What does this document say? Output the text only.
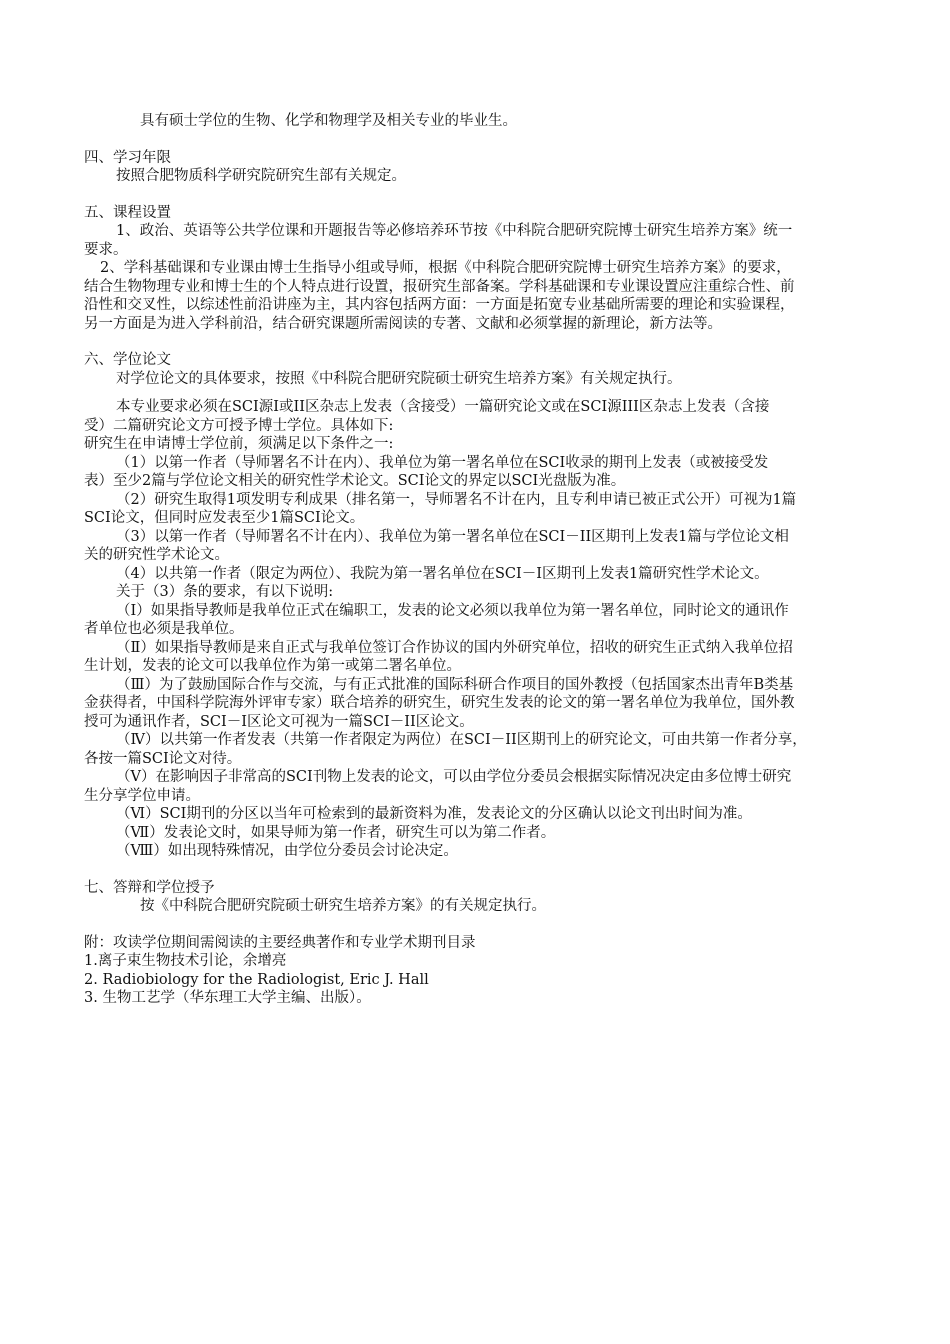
具有硕士学位的生物、化学和物理学及相关专业的毕业生。
四、学习年限
按照合肥物质科学研究院研究生部有关规定。
五、课程设置
1、政治、英语等公共学位课和开题报告等必修培养环节按《中科院合肥研究院博士研究生培养方案》统一
要求。
2、学科基础课和专业课由博士生指导小组或导师，根据《中科院合肥研究院博士研究生培养方案》的要求，
结合生物物理专业和博士生的个人特点进行设置，报研究生部备案。学科基础课和专业课设置应注重综合性、前
沿性和交叉性，以综述性前沿讲座为主，其内容包括两方面：一方面是拓宽专业基础所需要的理论和实验课程，
另一方面是为进入学科前沿，结合研究课题所需阅读的专著、文献和必须掌握的新理论，新方法等。
六、学位论文
对学位论文的具体要求，按照《中科院合肥研究院硕士研究生培养方案》有关规定执行。
本专业要求必须在SCI源I或II区杂志上发表（含接受）一篇研究论文或在SCI源III区杂志上发表（含接
受）二篇研究论文方可授予博士学位。具体如下:
研究生在申请博士学位前，须满足以下条件之一:
（1）以第一作者（导师署名不计在内）、我单位为第一署名单位在SCI收录的期刊上发表（或被接受发
表）至少2篇与学位论文相关的研究性学术论文。SCI论文的界定以SCI光盘版为准。
（2）研究生取得1项发明专利成果（排名第一，导师署名不计在内，且专利申请已被正式公开）可视为1篇
SCI论文，但同时应发表至少1篇SCI论文。
（3）以第一作者（导师署名不计在内）、我单位为第一署名单位在SCI－II区期刊上发表1篇与学位论文相
关的研究性学术论文。
（4）以共第一作者（限定为两位）、我院为第一署名单位在SCI－I区期刊上发表1篇研究性学术论文。
关于（3）条的要求，有以下说明:
（Ⅰ）如果指导教师是我单位正式在编职工，发表的论文必须以我单位为第一署名单位，同时论文的通讯作
者单位也必须是我单位。
（Ⅱ）如果指导教师是来自正式与我单位签订合作协议的国内外研究单位，招收的研究生正式纳入我单位招
生计划，发表的论文可以我单位作为第一或第二署名单位。
（Ⅲ）为了鼓励国际合作与交流，与有正式批准的国际科研合作项目的国外教授（包括国家杰出青年B类基
金获得者，中国科学院海外评审专家）联合培养的研究生，研究生发表的论文的第一署名单位为我单位，国外教
授可为通讯作者，SCI－I区论文可视为一篇SCI－II区论文。
（Ⅳ）以共第一作者发表（共第一作者限定为两位）在SCI－II区期刊上的研究论文，可由共第一作者分享，
各按一篇SCI论文对待。
（Ⅴ）在影响因子非常高的SCI刊物上发表的论文，可以由学位分委员会根据实际情况决定由多位博士研究
生分享学位申请。
（Ⅵ）SCI期刊的分区以当年可检索到的最新资料为准，发表论文的分区确认以论文刊出时间为准。
（Ⅶ）发表论文时，如果导师为第一作者，研究生可以为第二作者。
（Ⅷ）如出现特殊情况，由学位分委员会讨论决定。
七、答辩和学位授予
按《中科院合肥研究院硕士研究生培养方案》的有关规定执行。
附：攻读学位期间需阅读的主要经典著作和专业学术期刊目录
1.离子束生物技术引论，余增亮
2. Radiobiology for the Radiologist, Eric J. Hall
3. 生物工艺学（华东理工大学主编、出版）。
